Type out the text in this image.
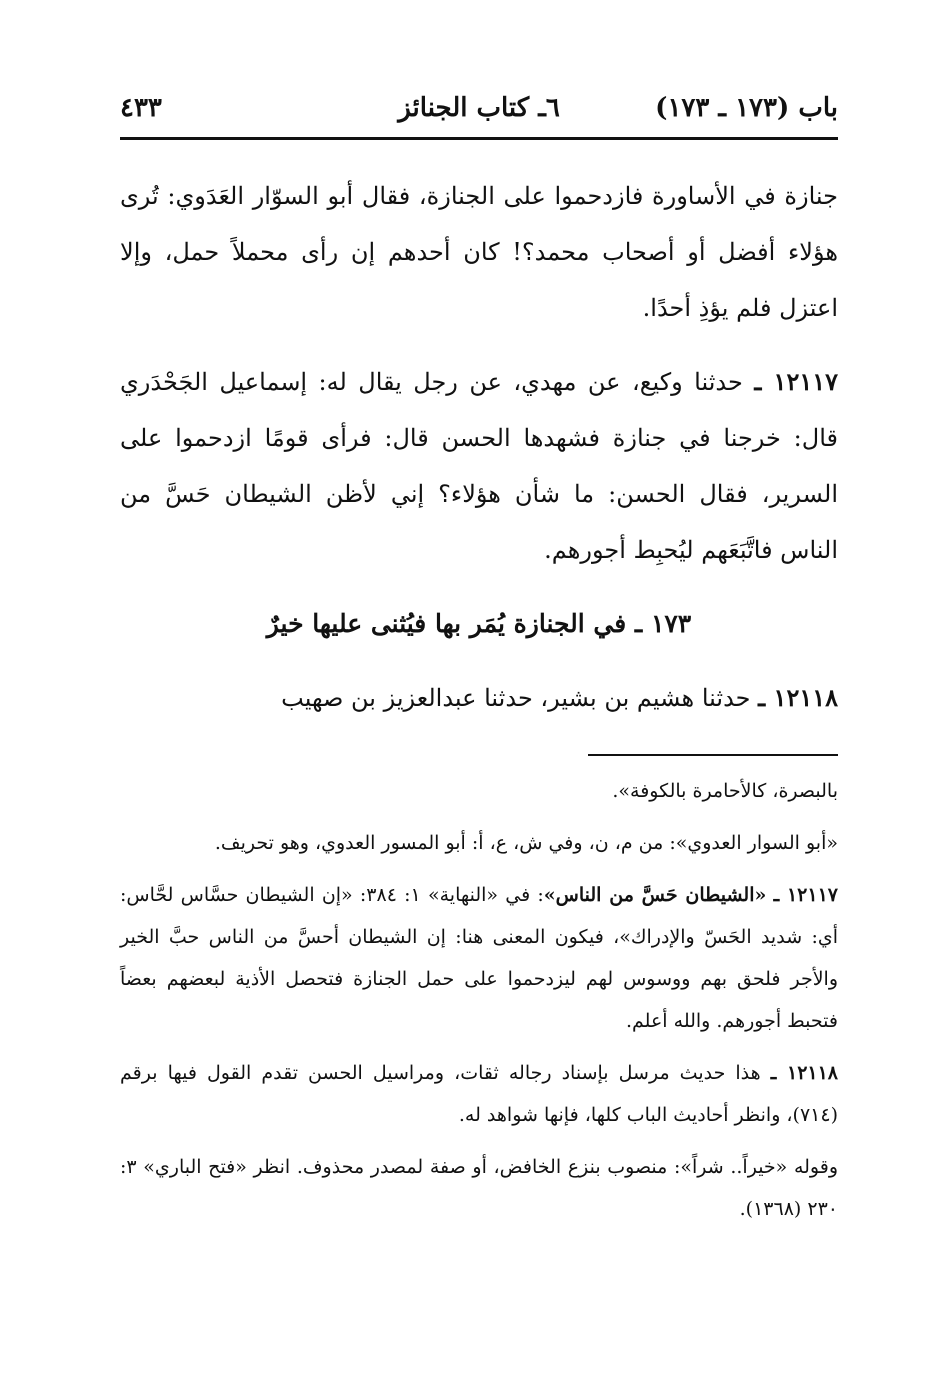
باب (١٧٣ ـ ١٧٣)
٦ـ كتاب الجنائز
٤٣٣

جنازة في الأساورة فازدحموا على الجنازة، فقال أبو السوّار العَدَوي: تُرى هؤلاء أفضل أو أصحاب محمد؟! كان أحدهم إن رأى محملاً حمل، وإلا اعتزل فلم يؤذِ أحدًا.

١٢١١٧ ـ حدثنا وكيع، عن مهدي، عن رجل يقال له: إسماعيل الجَحْدَري قال: خرجنا في جنازة فشهدها الحسن قال: فرأى قومًا ازدحموا على السرير، فقال الحسن: ما شأن هؤلاء؟ إني لأظن الشيطان حَسَّ من الناس فاتَّبَعَهم ليُحبِط أجورهم.

١٧٣ ـ في الجنازة يُمَر بها فيُثنى عليها خيرٌ

١٢١١٨ ـ حدثنا هشيم بن بشير، حدثنا عبدالعزيز بن صهيب

بالبصرة، كالأحامرة بالكوفة».

«أبو السوار العدوي»: من م، ن، وفي ش، ع، أ: أبو المسور العدوي، وهو تحريف.

١٢١١٧ ـ «الشيطان حَسَّ من الناس»: في «النهاية» ١: ٣٨٤: «إن الشيطان حسَّاس لحَّاس: أي: شديد الحَسّ والإدراك»، فيكون المعنى هنا: إن الشيطان أحسَّ من الناس حبَّ الخير والأجر فلحق بهم ووسوس لهم ليزدحموا على حمل الجنازة فتحصل الأذية لبعضهم بعضاً فتحبط أجورهم. والله أعلم.

١٢١١٨ ـ هذا حديث مرسل بإسناد رجاله ثقات، ومراسيل الحسن تقدم القول فيها برقم (٧١٤)، وانظر أحاديث الباب كلها، فإنها شواهد له.

وقوله «خيراً.. شراً»: منصوب بنزع الخافض، أو صفة لمصدر محذوف. انظر «فتح الباري» ٣: ٢٣٠ (١٣٦٨).
